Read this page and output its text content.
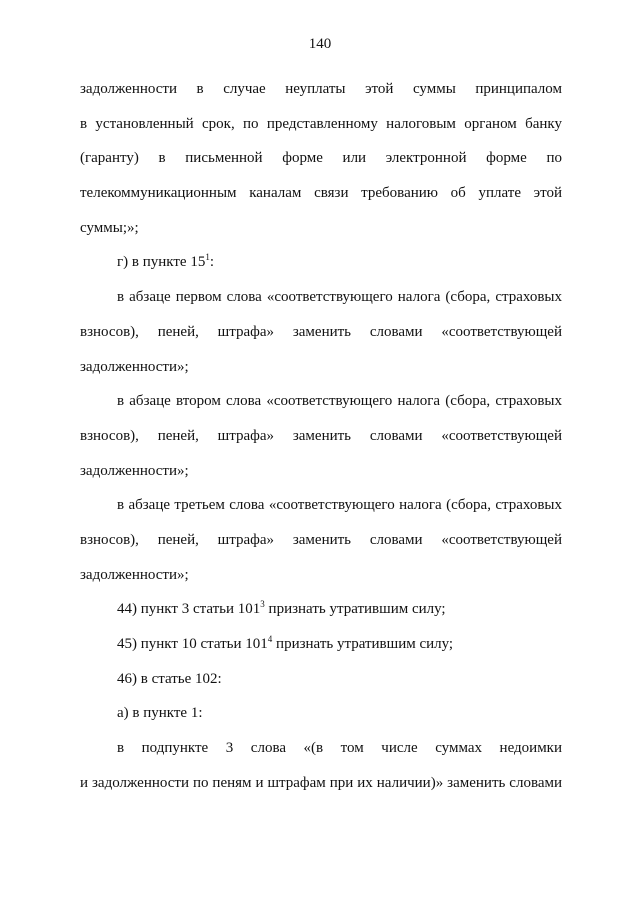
140
задолженности в случае неуплаты этой суммы принципалом
в установленный срок, по представленному налоговым органом банку
(гаранту) в письменной форме или электронной форме по
телекоммуникационным каналам связи требованию об уплате этой
суммы;»;
г) в пункте $15^1$:
в абзаце первом слова «соответствующего налога (сбора, страховых
взносов), пеней, штрафа» заменить словами «соответствующей
задолженности»;
в абзаце втором слова «соответствующего налога (сбора, страховых
взносов), пеней, штрафа» заменить словами «соответствующей
задолженности»;
в абзаце третьем слова «соответствующего налога (сбора, страховых
взносов), пеней, штрафа» заменить словами «соответствующей
задолженности»;
44) пункт 3 статьи $101^3$ признать утратившим силу;
45) пункт 10 статьи $101^4$ признать утратившим силу;
46) в статье 102:
а) в пункте 1:
в подпункте 3 слова «(в том числе суммах недоимки
и задолженности по пеням и штрафам при их наличии)» заменить словами
